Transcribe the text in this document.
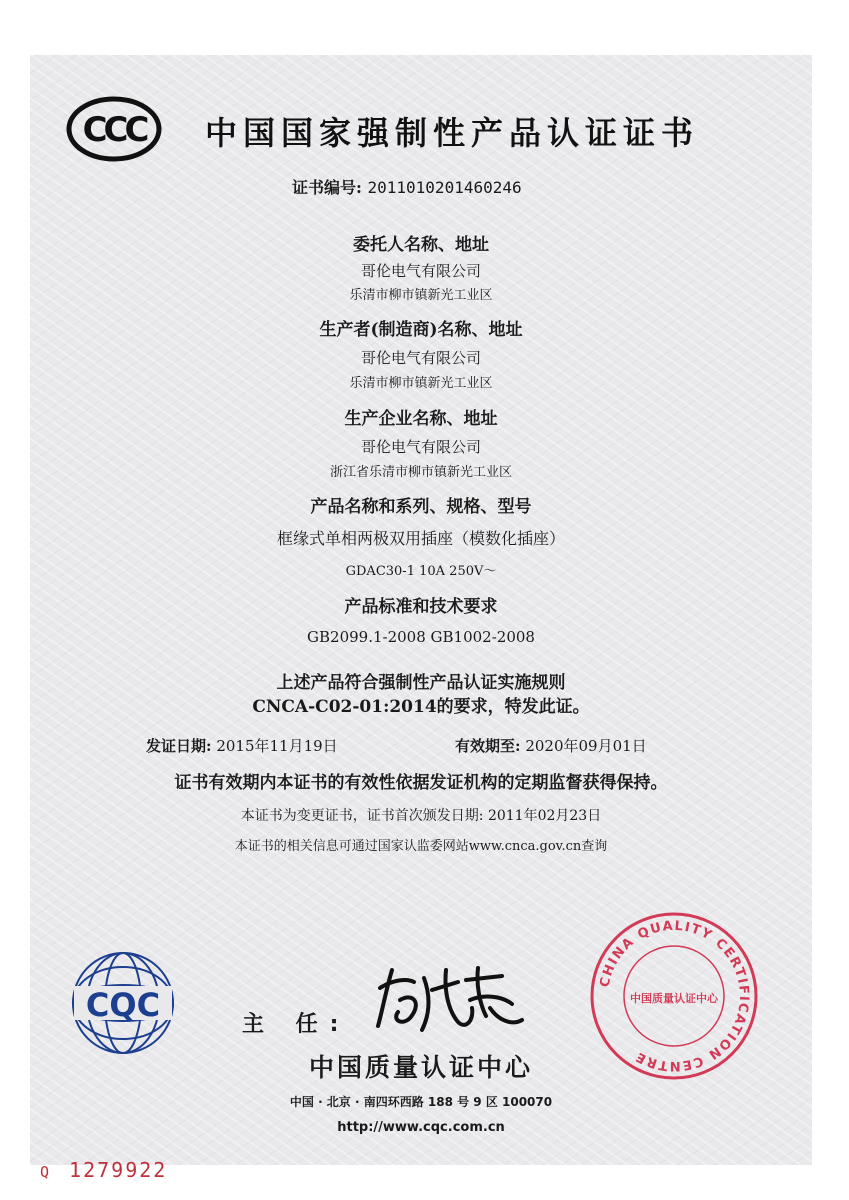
CCC 中国国家强制性产品认证证书
证书编号: 2011010201460246
委托人名称、地址
哥伦电气有限公司
乐清市柳市镇新光工业区
生产者(制造商)名称、地址
哥伦电气有限公司
乐清市柳市镇新光工业区
生产企业名称、地址
哥伦电气有限公司
浙江省乐清市柳市镇新光工业区
产品名称和系列、规格、型号
框缘式单相两极双用插座（模数化插座）
GDAC30-1 10A 250V～
产品标准和技术要求
GB2099.1-2008 GB1002-2008
上述产品符合强制性产品认证实施规则
CNCA-C02-01:2014的要求，特发此证。
发证日期: 2015年11月19日	有效期至: 2020年09月01日
证书有效期内本证书的有效性依据发证机构的定期监督获得保持。
本证书为变更证书，证书首次颁发日期: 2011年02月23日
本证书的相关信息可通过国家认监委网站www.cnca.gov.cn查询
CQC
主 任:
中国质量认证中心
中国 · 北京 · 南四环西路 188 号 9 区 100070
http://www.cqc.com.cn
CHINA QUALITY CERTIFICATION CENTRE
中国质量认证中心
Q 1279922
